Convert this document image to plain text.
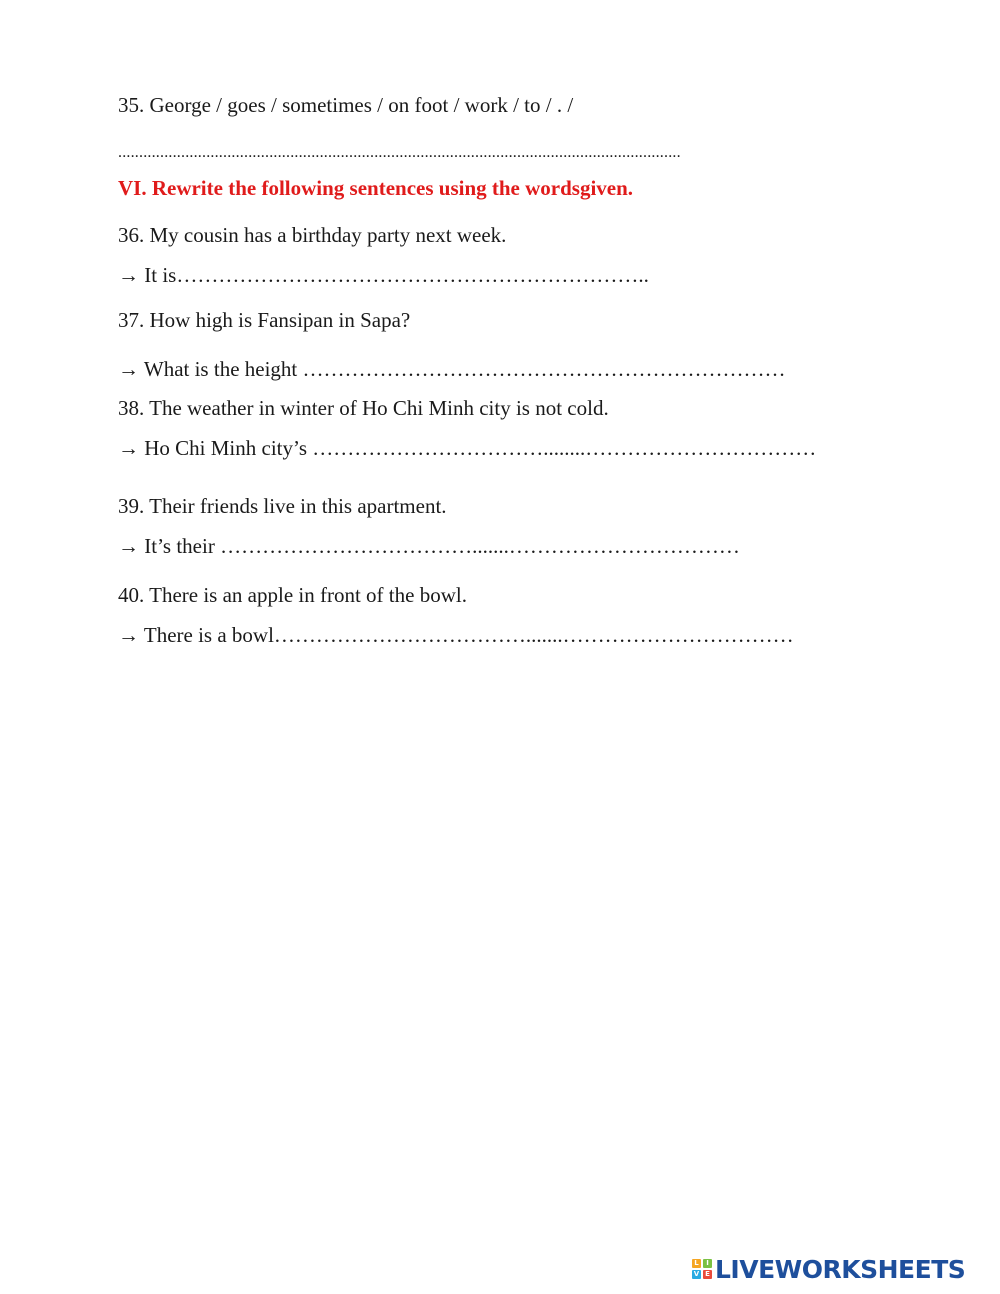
35. George / goes / sometimes / on foot / work / to / . /
......................................................................................................................................
VI. Rewrite the following sentences using the wordsgiven.
36. My cousin has a birthday party next week.
→ It is…………………………………………………………..
37. How high is Fansipan in Sapa?
→ What is the height ……………………………………………………………
38. The weather in winter of Ho Chi Minh city is not cold.
→ Ho Chi Minh city’s ……………………………........……………………………
39. Their friends live in this apartment.
→ It’s their ……………………………….......……………………………
40. There is an apple in front of the bowl.
→ There is a bowl……………………………….......……………………………
L	I
V E LIVEWORKSHEETS
